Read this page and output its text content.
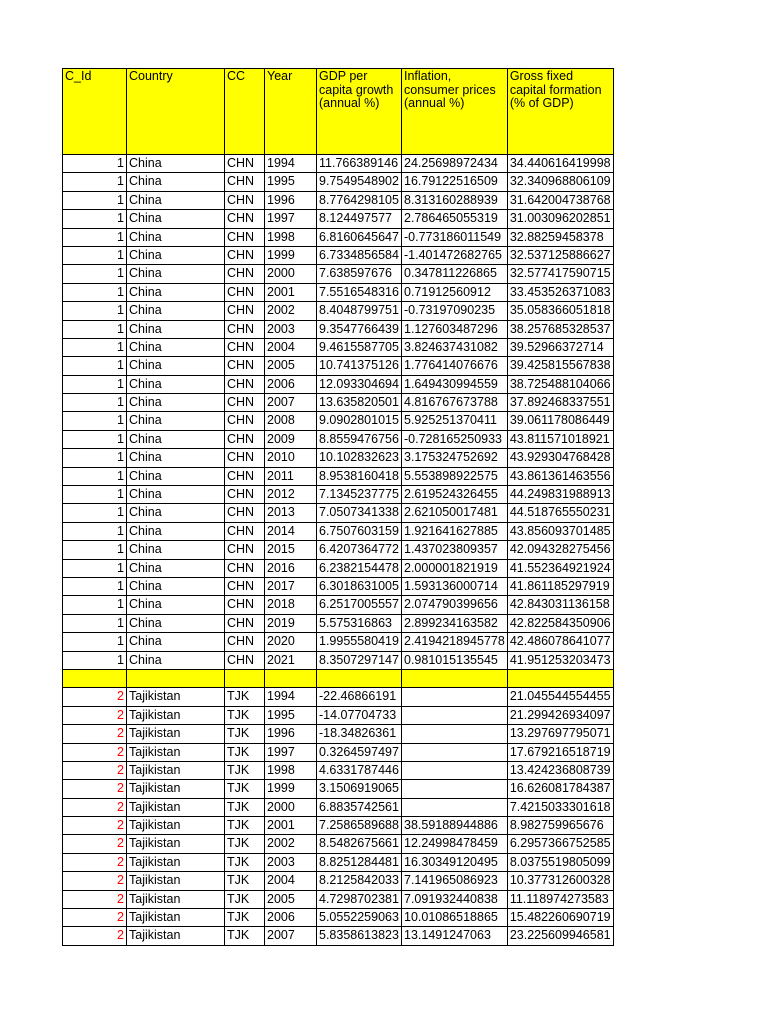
C_Id	Country	CC	Year	GDP per capita growth (annual %)	Inflation, consumer prices (annual %)	Gross fixed capital formation (% of GDP)
1	China	CHN	1994	11.766389146	24.25698972434	34.440616419998
1	China	CHN	1995	9.7549548902	16.79122516509	32.340968806109
1	China	CHN	1996	8.7764298105	8.313160288939	31.642004738768
1	China	CHN	1997	8.124497577	2.786465055319	31.003096202851
1	China	CHN	1998	6.8160645647	-0.773186011549	32.88259458378
1	China	CHN	1999	6.7334856584	-1.401472682765	32.537125886627
1	China	CHN	2000	7.638597676	0.347811226865	32.577417590715
1	China	CHN	2001	7.5516548316	0.71912560912	33.453526371083
1	China	CHN	2002	8.4048799751	-0.73197090235	35.058366051818
1	China	CHN	2003	9.3547766439	1.127603487296	38.257685328537
1	China	CHN	2004	9.4615587705	3.824637431082	39.52966372714
1	China	CHN	2005	10.741375126	1.776414076676	39.425815567838
1	China	CHN	2006	12.093304694	1.649430994559	38.725488104066
1	China	CHN	2007	13.635820501	4.816767673788	37.892468337551
1	China	CHN	2008	9.0902801015	5.925251370411	39.061178086449
1	China	CHN	2009	8.8559476756	-0.728165250933	43.811571018921
1	China	CHN	2010	10.102832623	3.175324752692	43.929304768428
1	China	CHN	2011	8.9538160418	5.553898922575	43.861361463556
1	China	CHN	2012	7.1345237775	2.619524326455	44.249831988913
1	China	CHN	2013	7.0507341338	2.621050017481	44.518765550231
1	China	CHN	2014	6.7507603159	1.921641627885	43.856093701485
1	China	CHN	2015	6.4207364772	1.437023809357	42.094328275456
1	China	CHN	2016	6.2382154478	2.000001821919	41.552364921924
1	China	CHN	2017	6.3018631005	1.593136000714	41.861185297919
1	China	CHN	2018	6.2517005557	2.074790399656	42.843031136158
1	China	CHN	2019	5.575316863	2.899234163582	42.822584350906
1	China	CHN	2020	1.9955580419	2.4194218945778	42.486078641077
1	China	CHN	2021	8.3507297147	0.981015135545	41.951253203473

2	Tajikistan	TJK	1994	-22.46866191		21.045544554455
2	Tajikistan	TJK	1995	-14.07704733		21.299426934097
2	Tajikistan	TJK	1996	-18.34826361		13.297697795071
2	Tajikistan	TJK	1997	0.3264597497		17.679216518719
2	Tajikistan	TJK	1998	4.6331787446		13.424236808739
2	Tajikistan	TJK	1999	3.1506919065		16.626081784387
2	Tajikistan	TJK	2000	6.8835742561		7.4215033301618
2	Tajikistan	TJK	2001	7.2586589688	38.59188944886	8.982759965676
2	Tajikistan	TJK	2002	8.5482675661	12.24998478459	6.2957366752585
2	Tajikistan	TJK	2003	8.8251284481	16.30349120495	8.0375519805099
2	Tajikistan	TJK	2004	8.2125842033	7.141965086923	10.377312600328
2	Tajikistan	TJK	2005	4.7298702381	7.091932440838	11.118974273583
2	Tajikistan	TJK	2006	5.0552259063	10.01086518865	15.482260690719
2	Tajikistan	TJK	2007	5.8358613823	13.1491247063	23.225609946581
